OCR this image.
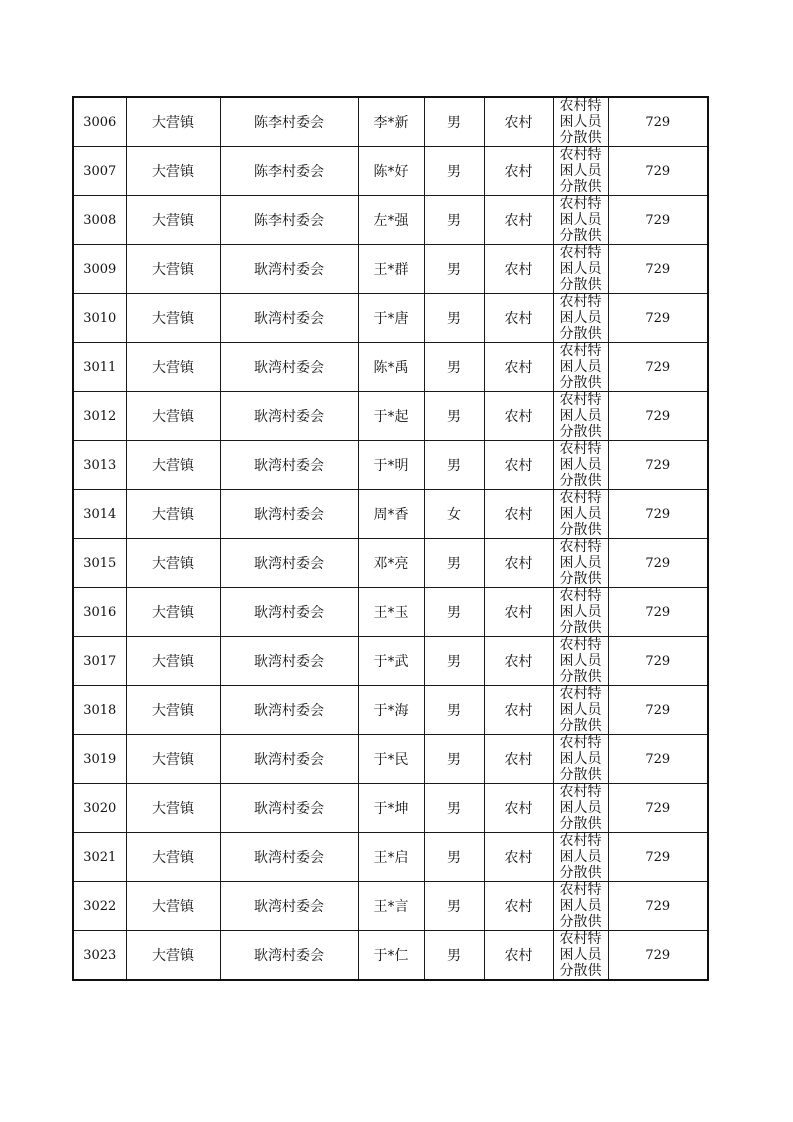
3006	大营镇	陈李村委会	李*新	男	农村	农村特困人员分散供	729
3007	大营镇	陈李村委会	陈*好	男	农村	农村特困人员分散供	729
3008	大营镇	陈李村委会	左*强	男	农村	农村特困人员分散供	729
3009	大营镇	耿湾村委会	王*群	男	农村	农村特困人员分散供	729
3010	大营镇	耿湾村委会	于*唐	男	农村	农村特困人员分散供	729
3011	大营镇	耿湾村委会	陈*禹	男	农村	农村特困人员分散供	729
3012	大营镇	耿湾村委会	于*起	男	农村	农村特困人员分散供	729
3013	大营镇	耿湾村委会	于*明	男	农村	农村特困人员分散供	729
3014	大营镇	耿湾村委会	周*香	女	农村	农村特困人员分散供	729
3015	大营镇	耿湾村委会	邓*亮	男	农村	农村特困人员分散供	729
3016	大营镇	耿湾村委会	王*玉	男	农村	农村特困人员分散供	729
3017	大营镇	耿湾村委会	于*武	男	农村	农村特困人员分散供	729
3018	大营镇	耿湾村委会	于*海	男	农村	农村特困人员分散供	729
3019	大营镇	耿湾村委会	于*民	男	农村	农村特困人员分散供	729
3020	大营镇	耿湾村委会	于*坤	男	农村	农村特困人员分散供	729
3021	大营镇	耿湾村委会	王*启	男	农村	农村特困人员分散供	729
3022	大营镇	耿湾村委会	王*言	男	农村	农村特困人员分散供	729
3023	大营镇	耿湾村委会	于*仁	男	农村	农村特困人员分散供	729
